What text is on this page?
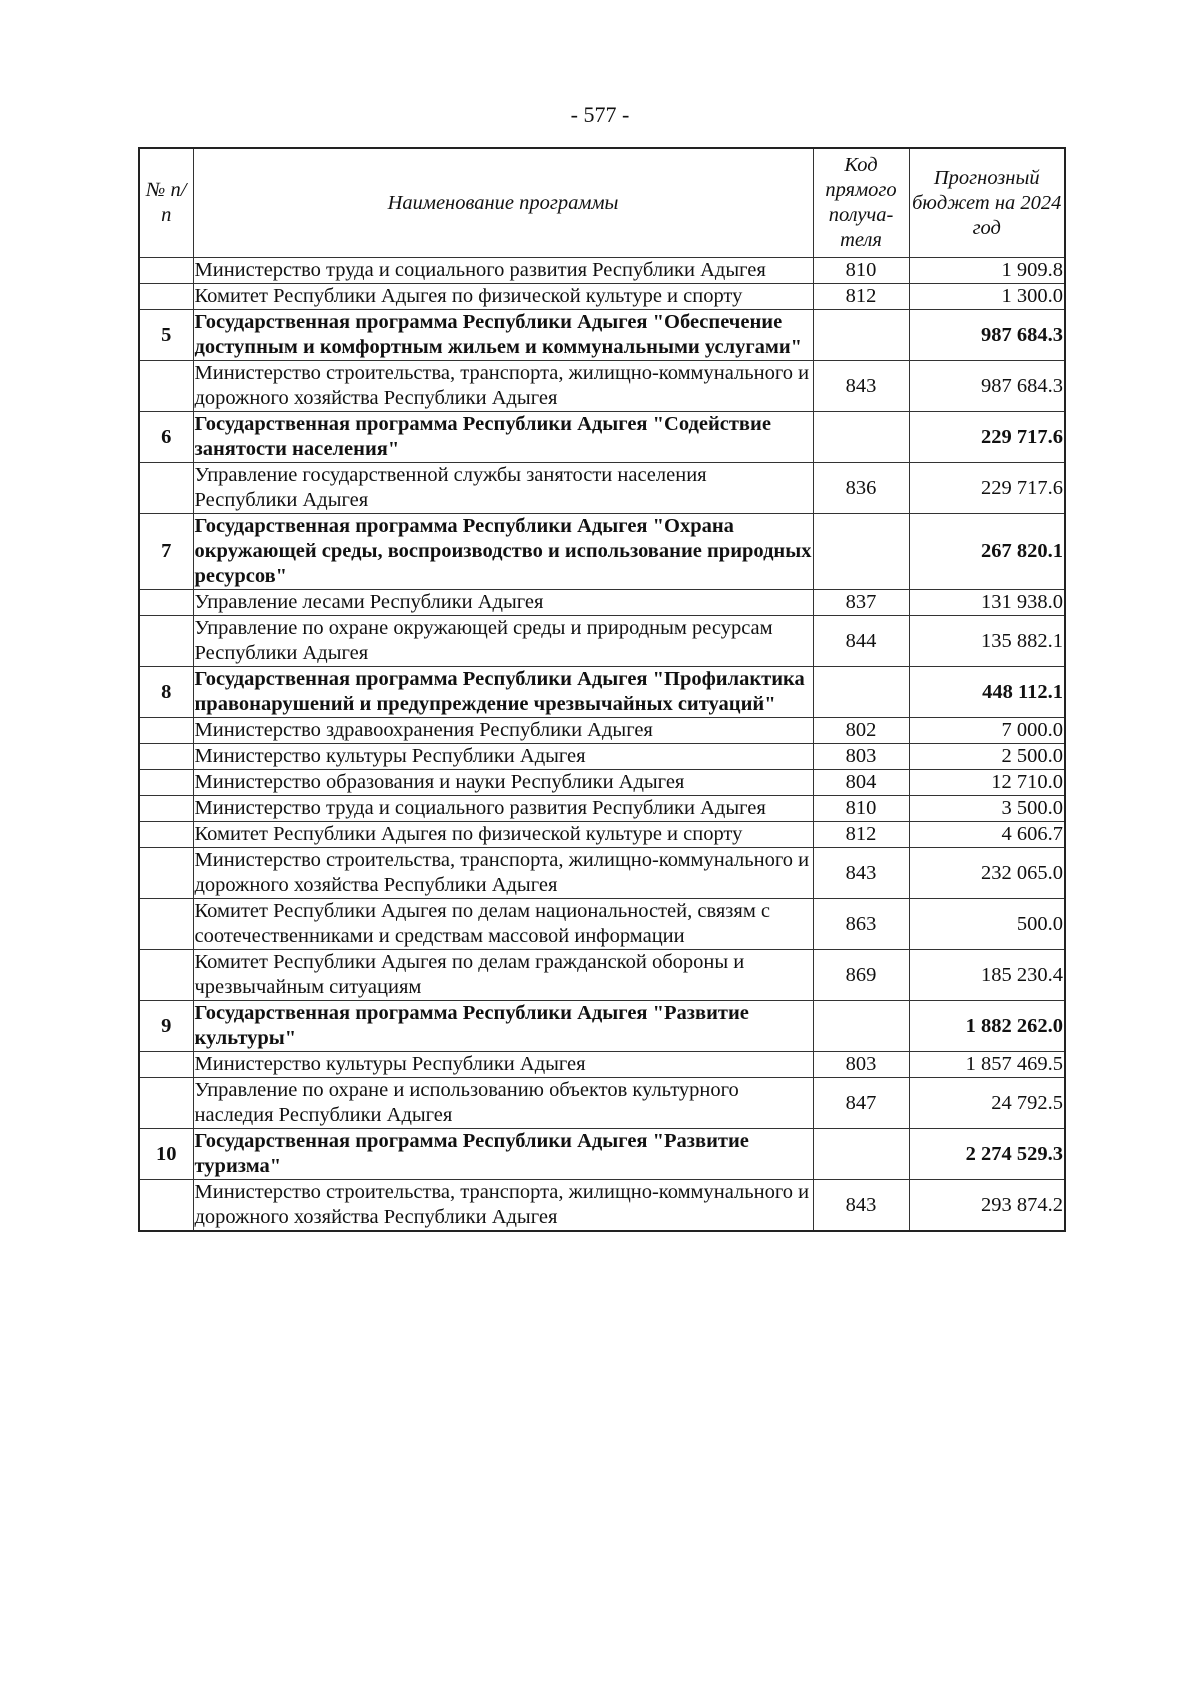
- 577 -
№ п/п	Наименование программы	Код прямого получа- теля	Прогнозный бюджет на 2024 год
	Министерство труда и социального развития Республики Адыгея	810	1 909.8
	Комитет Республики Адыгея по физической культуре и спорту	812	1 300.0
5	Государственная программа Республики Адыгея "Обеспечение доступным и комфортным жильем и коммунальными услугами"		987 684.3
	Министерство строительства, транспорта, жилищно-коммунального и дорожного хозяйства Республики Адыгея	843	987 684.3
6	Государственная программа Республики Адыгея "Содействие занятости населения"		229 717.6
	Управление государственной службы занятости населения Республики Адыгея	836	229 717.6
7	Государственная программа Республики Адыгея "Охрана окружающей среды, воспроизводство и использование природных ресурсов"		267 820.1
	Управление лесами Республики Адыгея	837	131 938.0
	Управление по охране окружающей среды и природным ресурсам Республики Адыгея	844	135 882.1
8	Государственная программа Республики Адыгея "Профилактика правонарушений и предупреждение чрезвычайных ситуаций"		448 112.1
	Министерство здравоохранения Республики Адыгея	802	7 000.0
	Министерство культуры Республики Адыгея	803	2 500.0
	Министерство образования и науки Республики Адыгея	804	12 710.0
	Министерство труда и социального развития Республики Адыгея	810	3 500.0
	Комитет Республики Адыгея по физической культуре и спорту	812	4 606.7
	Министерство строительства, транспорта, жилищно-коммунального и дорожного хозяйства Республики Адыгея	843	232 065.0
	Комитет Республики Адыгея по делам национальностей, связям с соотечественниками и средствам массовой информации	863	500.0
	Комитет Республики Адыгея по делам гражданской обороны и чрезвычайным ситуациям	869	185 230.4
9	Государственная программа Республики Адыгея "Развитие культуры"		1 882 262.0
	Министерство культуры Республики Адыгея	803	1 857 469.5
	Управление по охране и использованию объектов культурного наследия Республики Адыгея	847	24 792.5
10	Государственная программа Республики Адыгея "Развитие туризма"		2 274 529.3
	Министерство строительства, транспорта, жилищно-коммунального и дорожного хозяйства Республики Адыгея	843	293 874.2
